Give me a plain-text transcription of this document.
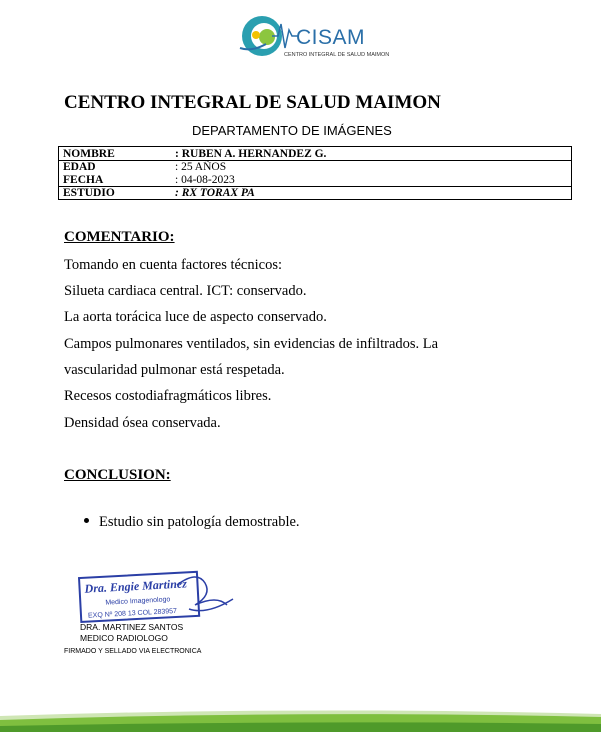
CISAM
CENTRO INTEGRAL DE SALUD MAIMON
CENTRO INTEGRAL DE SALUD MAIMON
DEPARTAMENTO DE IMÁGENES
NOMBRE	: RUBEN A. HERNANDEZ G.
EDAD	: 25 AÑOS
FECHA	: 04-08-2023
ESTUDIO	: RX TORAX PA
COMENTARIO:
Tomando en cuenta factores técnicos:
Silueta cardiaca central. ICT: conservado.
La aorta torácica luce de aspecto conservado.
Campos pulmonares ventilados, sin evidencias de infiltrados. La
vascularidad pulmonar está respetada.
Recesos costodiafragmáticos libres.
Densidad ósea conservada.
CONCLUSION:
Estudio sin patología demostrable.
Dra. Engie Martinez
Medico Imagenologo
EXQ Nº 208 13 COL 283957
DRA. MARTINEZ SANTOS
MEDICO RADIOLOGO
FIRMADO Y SELLADO VIA ELECTRONICA
